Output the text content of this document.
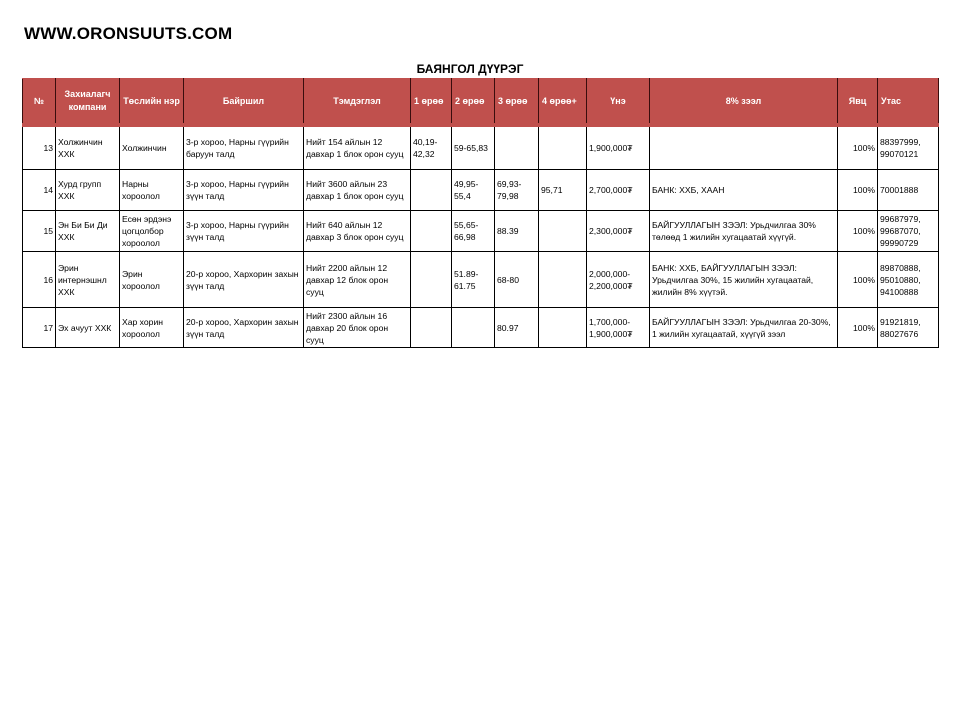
WWW.ORONSUUTS.COM
БАЯНГОЛ ДҮҮРЭГ
№	Захиалагч компани	Төслийн нэр	Байршил	Тэмдэглэл	1 өрөө	2 өрөө	3 өрөө	4 өрөө+	Үнэ	8% зээл	Явц	Утас
13	Холжинчин ХХК	Холжинчин	3-р хороо, Нарны гүүрийн баруун талд	Нийт 154 айлын 12 давхар 1 блок орон сууц	40,19-42,32	59-65,83			1,900,000₮		100%	88397999, 99070121
14	Хурд групп ХХК	Нарны хороолол	3-р хороо, Нарны гүүрийн зүүн талд	Нийт 3600 айлын 23 давхар 1 блок орон сууц		49,95-55,4	69,93-79,98	95,71	2,700,000₮	БАНК: ХХБ, ХААН	100%	70001888
15	Эн Би Би Ди ХХК	Есөн эрдэнэ цогцолбор хороолол	3-р хороо, Нарны гүүрийн зүүн талд	Нийт 640 айлын 12 давхар 3 блок орон сууц		55,65-66,98	88.39		2,300,000₮	БАЙГУУЛЛАГЫН ЗЭЭЛ: Урьдчилгаа 30% төлөөд 1 жилийн хугацаатай хүүгүй.	100%	99687979, 99687070, 99990729
16	Эрин интернэшнл ХХК	Эрин хороолол	20-р хороо, Хархорин захын зүүн талд	Нийт 2200 айлын 12 давхар 12 блок орон сууц		51.89-61.75	68-80		2,000,000-2,200,000₮	БАНК: ХХБ, БАЙГУУЛЛАГЫН ЗЭЭЛ: Урьдчилгаа 30%, 15 жилийн хугацаатай, жилийн 8% хүүтэй.	100%	89870888, 95010880, 94100888
17	Эх ачуут ХХК	Хар хорин хороолол	20-р хороо, Хархорин захын зүүн талд	Нийт 2300 айлын 16 давхар 20 блок орон сууц			80.97		1,700,000-1,900,000₮	БАЙГУУЛЛАГЫН ЗЭЭЛ: Урьдчилгаа 20-30%, 1 жилийн хугацаатай, хүүгүй зээл	100%	91921819, 88027676
